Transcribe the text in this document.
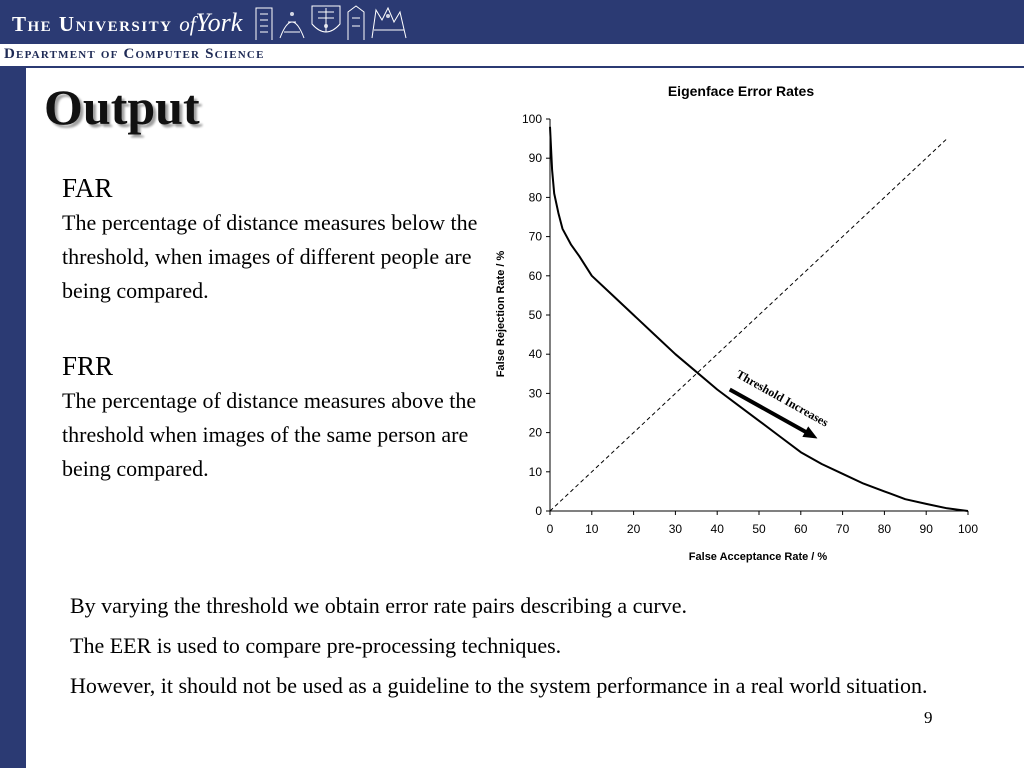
The University ofYork
Department of Computer Science
Output
FAR
The percentage of distance measures below the threshold, when images of different people are being compared.
FRR
The percentage of distance measures above the threshold when images of the same person are being compared.
Eigenface Error Rates
0
10
20
30
40
50
60
70
80
90
100
0	10 20 30 40 50 60 70 80 90 100
Threshold Increases
False Acceptance Rate / %
False Rejection Rate / %
By varying the threshold we obtain error rate pairs describing a curve.
The EER is used to compare pre-processing techniques.
However, it should not be used as a guideline to the system performance in a real world situation.
9
